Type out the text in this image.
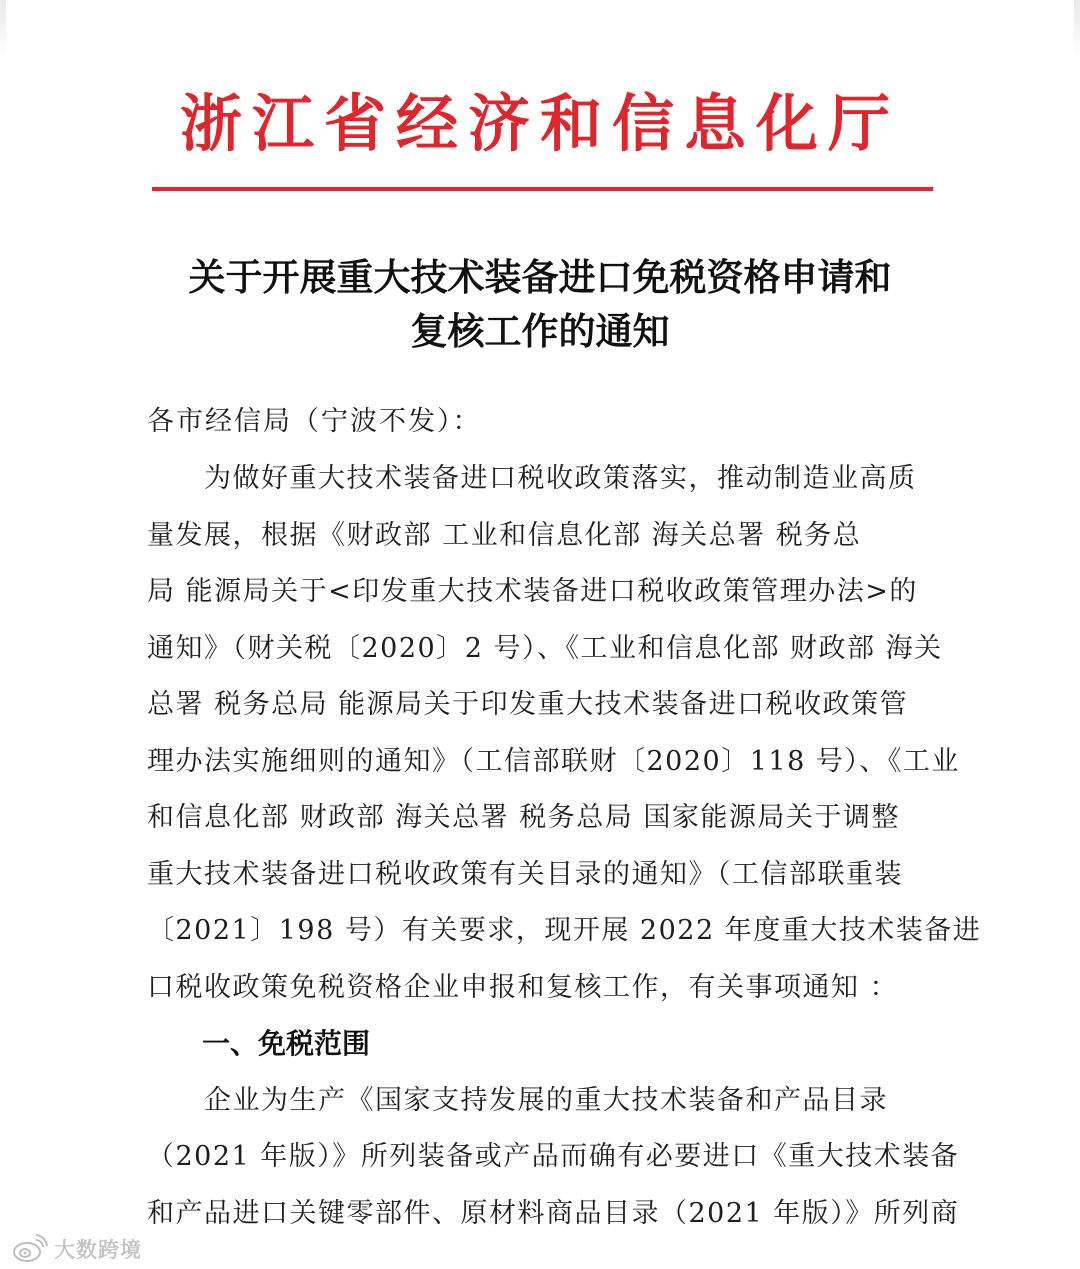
浙江省经济和信息化厅
关于开展重大技术装备进口免税资格申请和
复核工作的通知
各市经信局（宁波不发）：
为做好重大技术装备进口税收政策落实，推动制造业高质
量发展，根据《财政部 工业和信息化部 海关总署 税务总
局 能源局关于<印发重大技术装备进口税收政策管理办法>的
通知》（财关税〔2020〕2 号）、《工业和信息化部 财政部 海关
总署 税务总局 能源局关于印发重大技术装备进口税收政策管
理办法实施细则的通知》（工信部联财〔2020〕118 号）、《工业
和信息化部 财政部 海关总署 税务总局 国家能源局关于调整
重大技术装备进口税收政策有关目录的通知》（工信部联重装
〔2021〕198 号）有关要求，现开展 2022 年度重大技术装备进
口税收政策免税资格企业申报和复核工作，有关事项通知 ：
一、免税范围
企业为生产《国家支持发展的重大技术装备和产品目录
（2021 年版）》所列装备或产品而确有必要进口《重大技术装备
和产品进口关键零部件、原材料商品目录（2021 年版）》所列商
大数跨境
